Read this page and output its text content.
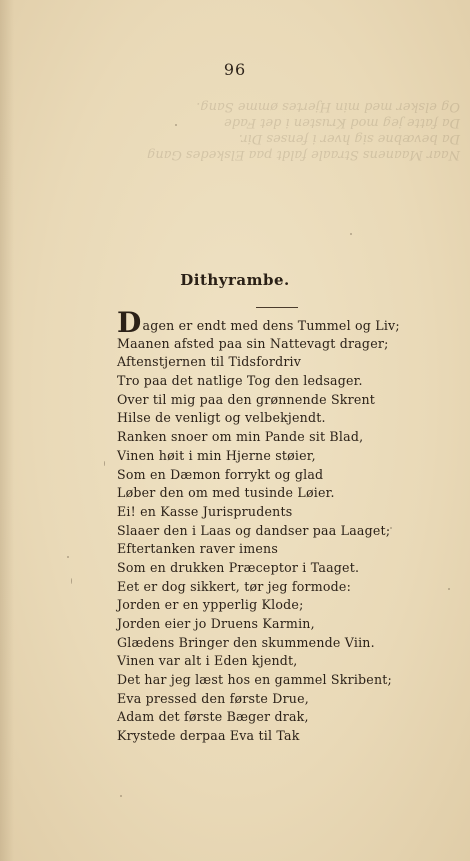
Naar Maanens Straale faldt paa Elskedes Gang
Da bevæbne sig hver i fenses Dir.
Da fatte jeg mod Krusten i det Fade
Og elsker med min Hjertes ømme Sang.
96
Dithyrambe.
Dagen er endt med dens Tummel og Liv;
Maanen afsted paa sin Nattevagt drager;
Aftenstjernen til Tidsfordriv
Tro paa det natlige Tog den ledsager.
Over til mig paa den grønnende Skrent
Hilse de venligt og velbekjendt.
Ranken snoer om min Pande sit Blad,
Vinen høit i min Hjerne støier,
Som en Dæmon forrykt og glad
Løber den om med tusinde Løier.
Ei! en Kasse Jurisprudents
Slaaer den i Laas og dandser paa Laaget;
Eftertanken raver imens
Som en drukken Præceptor i Taaget.
Eet er dog sikkert, tør jeg formode:
Jorden er en ypperlig Klode;
Jorden eier jo Druens Karmin,
Glædens Bringer den skummende Viin.
Vinen var alt i Eden kjendt,
Det har jeg læst hos en gammel Skribent;
Eva pressed den første Drue,
Adam det første Bæger drak,
Krystede derpaa Eva til Tak
